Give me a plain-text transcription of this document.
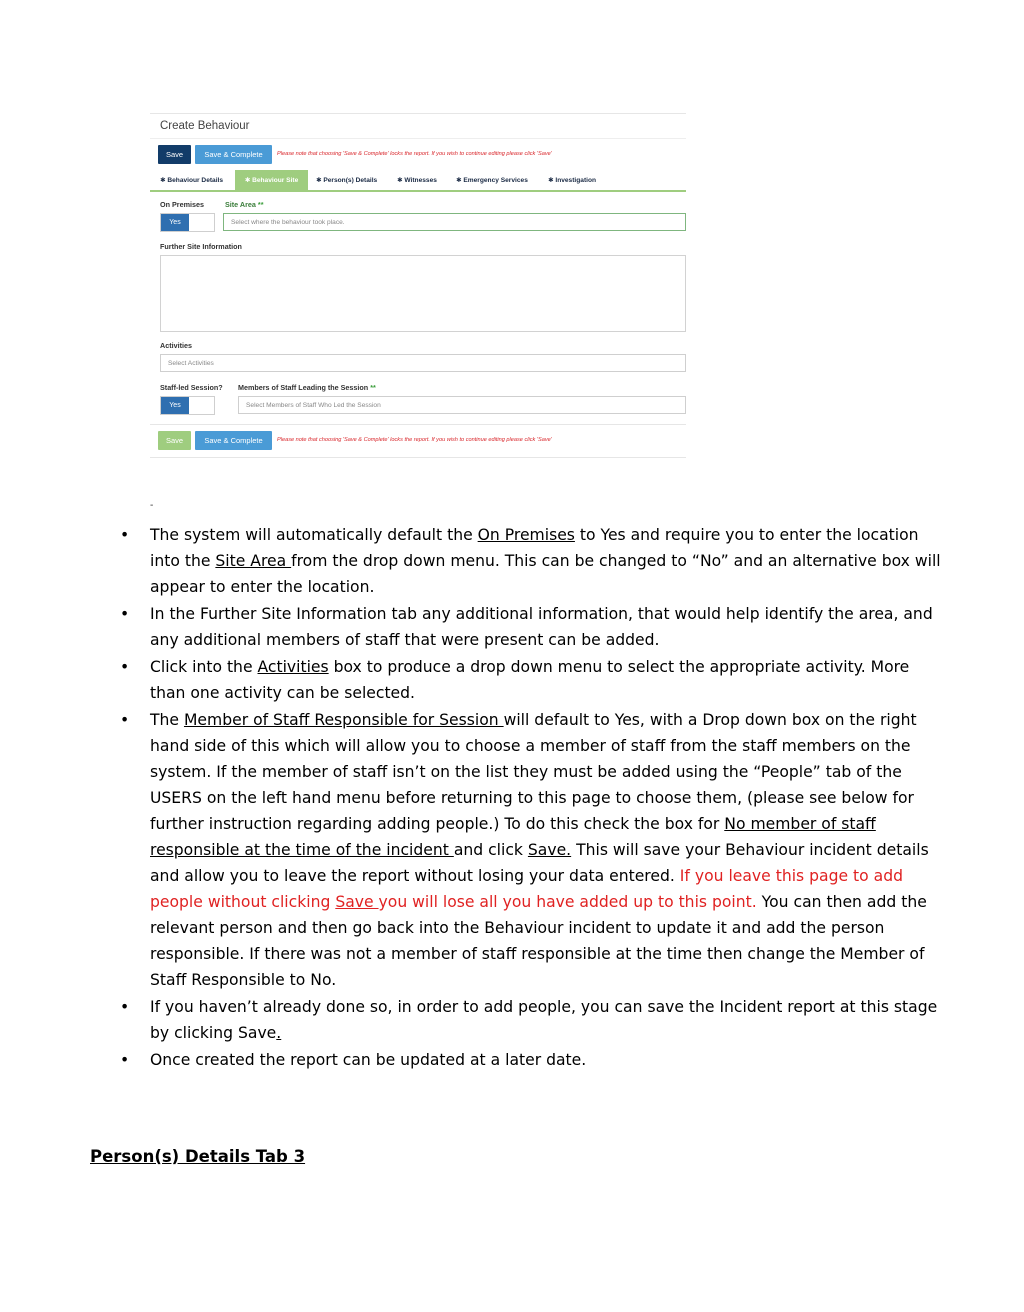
Create Behaviour
Save	Save & Complete	Please note that choosing 'Save & Complete' locks the report. If you wish to continue editing please click 'Save'
✱ Behaviour Details	✱ Behaviour Site	✱ Person(s) Details	✱ Witnesses	✱ Emergency Services	✱ Investigation
On Premises	Site Area **
Yes	Select where the behaviour took place.
Further Site Information
Activities
Select Activities
Staff-led Session? Members of Staff Leading the Session **
Yes	Select Members of Staff Who Led the Session
Save	Save & Complete	Please note that choosing 'Save & Complete' locks the report. If you wish to continue editing please click 'Save'
-
• The system will automatically default the On Premises to Yes and require you to enter the location into the Site Area from the drop down menu. This can be changed to “No” and an alternative box will appear to enter the location.
• In the Further Site Information tab any additional information, that would help identify the area, and any additional members of staff that were present can be added.
• Click into the Activities box to produce a drop down menu to select the appropriate activity. More than one activity can be selected.
• The Member of Staff Responsible for Session will default to Yes, with a Drop down box on the right hand side of this which will allow you to choose a member of staff from the staff members on the system. If the member of staff isn’t on the list they must be added using the “People” tab of the USERS on the left hand menu before returning to this page to choose them, (please see below for further instruction regarding adding people.) To do this check the box for No member of staff responsible at the time of the incident and click Save. This will save your Behaviour incident details and allow you to leave the report without losing your data entered. If you leave this page to add people without clicking Save you will lose all you have added up to this point. You can then add the relevant person and then go back into the Behaviour incident to update it and add the person responsible. If there was not a member of staff responsible at the time then change the Member of Staff Responsible to No.
• If you haven’t already done so, in order to add people, you can save the Incident report at this stage by clicking Save.
• Once created the report can be updated at a later date.
Person(s) Details Tab 3
